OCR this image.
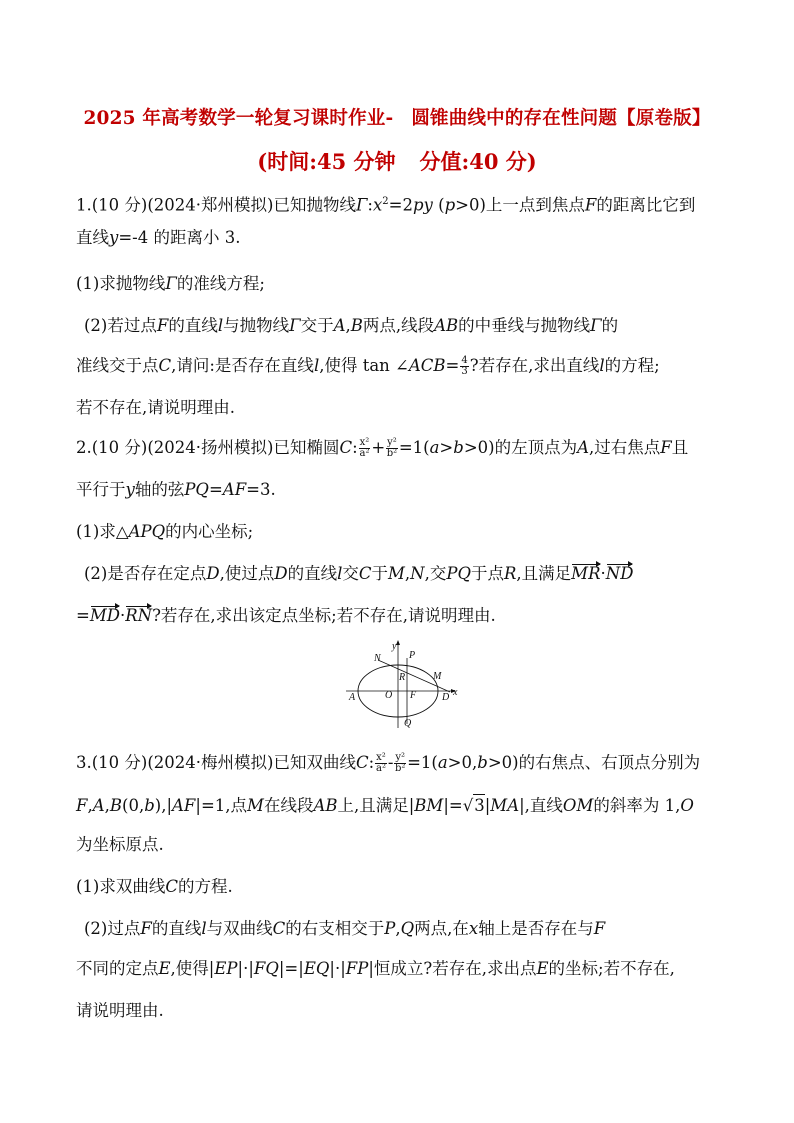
2025 年高考数学一轮复习课时作业- 圆锥曲线中的存在性问题【原卷版】
(时间:45 分钟 分值:40 分)
1.(10 分)(2024·郑州模拟)已知抛物线$\Gamma:x^2=2py$ (p>0)上一点到焦点F的距离比它到
直线y=-4 的距离小 3.
(1)求抛物线Γ的准线方程;
(2)若过点F的直线l与抛物线Γ交于A,B两点,线段AB的中垂线与抛物线Γ的
准线交于点C,请问:是否存在直线l,使得 tan ∠ACB= $\frac{4}{3}$ ?若存在,求出直线l的方程;
若不存在,请说明理由.
2.(10 分)(2024·扬州模拟)已知椭圆C: $\frac{\text{x²}}{\text{a²}} + \frac{\text{y²}}{\text{b²}} =1(a>b>0)$的左顶点为A,过右焦点F且
平行于y轴的弦PQ=AF=3.
(1)求△APQ的内心坐标;
(2)是否存在定点D,使过点D的直线l交C于M,N,交PQ于点R,且满足MR·ND
=MD·RN?若存在,求出该定点坐标;若不存在,请说明理由.
y
N	P
R	M
x
A	O F	D
Q
3.(10 分)(2024·梅州模拟)已知双曲线C: $\frac{\text{x²}}{\text{a²}} - \frac{\text{y²}}{\text{b²}} =1(a>0,b>0)$的右焦点、右顶点分别为
F,A,B(0,b),|AF|=1,点M在线段AB上,且满足|BM|=√3|MA|,直线OM的斜率为 1,O
为坐标原点.
(1)求双曲线C的方程.
(2)过点F的直线l与双曲线C的右支相交于P,Q两点,在x轴上是否存在与F
不同的定点E,使得|EP|·|FQ|=|EQ|·|FP|恒成立?若存在,求出点E的坐标;若不存在,
请说明理由.
